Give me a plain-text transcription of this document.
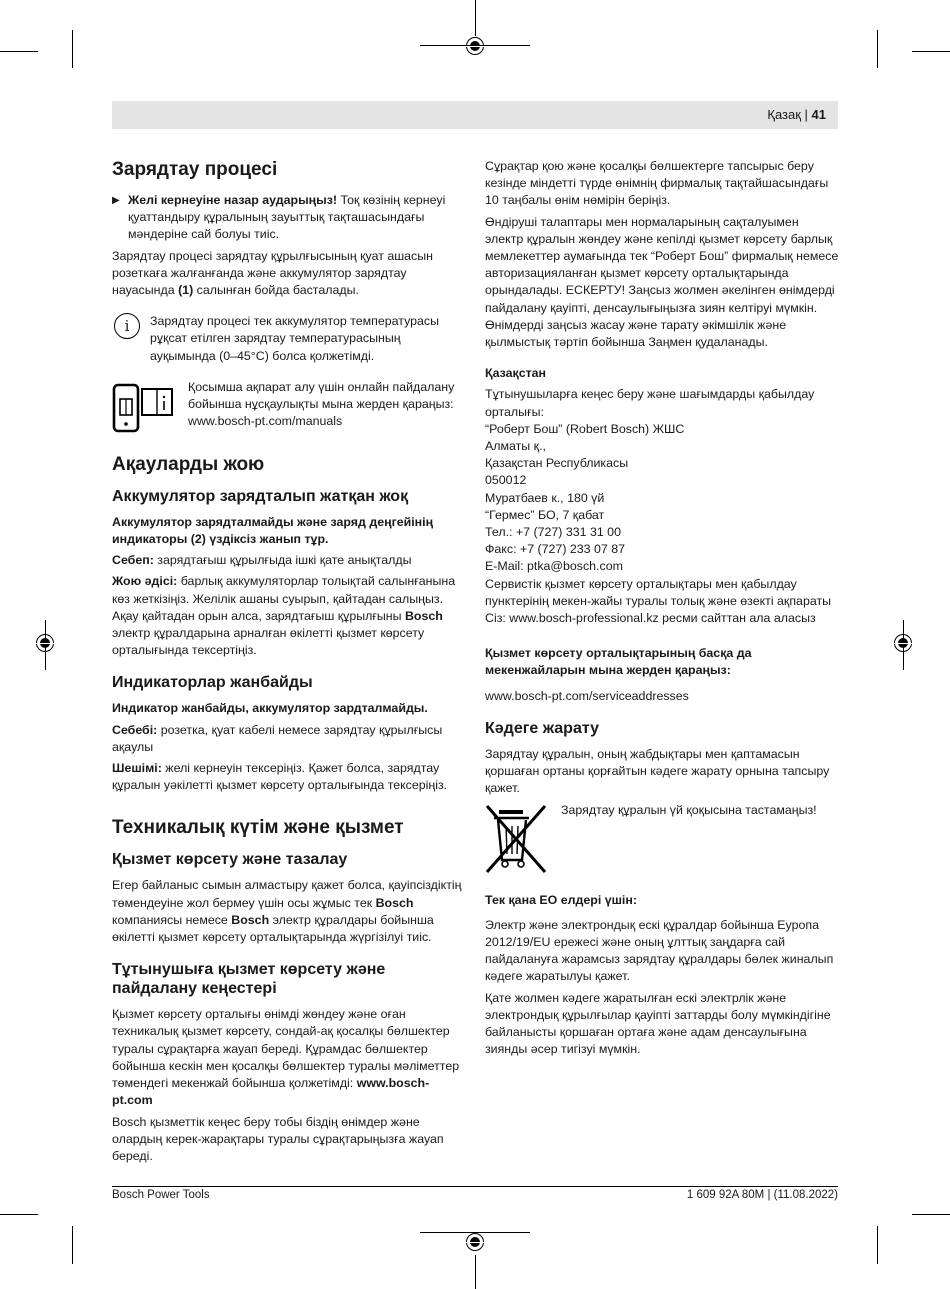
Қазақ | 41
Зарядтау процесі

▶ Желі кернеуіне назар аударыңыз! Тоқ көзінің кернеуі қуаттандыру құралының зауыттық тақташасындағы мәндеріне сай болуы тиіс.

Зарядтау процесі зарядтау құрылғысының қуат ашасын розеткаға жалғанғанда және аккумулятор зарядтау науасында (1) салынған бойда басталады.

i	Зарядтау процесі тек аккумулятор температурасы рұқсат етілген зарядтау температурасының ауқымында (0–45°C) болса қолжетімді.

Қосымша ақпарат алу үшін онлайн пайдалану бойынша нұсқаулықты мына жерден қараңыз: www.bosch-pt.com/manuals

Ақауларды жою
Аккумулятор зарядталып жатқан жоқ

Аккумулятор зарядталмайды және заряд деңгейінің индикаторы (2) үздіксіз жанып тұр.

Себеп: зарядтағыш құрылғыда ішкі қате анықталды

Жою әдісі: барлық аккумуляторлар толықтай салынғанына көз жеткізіңіз. Желілік ашаны суырып, қайтадан салыңыз. Ақау қайтадан орын алса, зарядтағыш құрылғыны Bosch электр құралдарына арналған өкілетті қызмет көрсету орталығында тексертіңіз.

Индикаторлар жанбайды

Индикатор жанбайды, аккумулятор зардталмайды.

Себебі: розетка, қуат кабелі немесе зарядтау құрылғысы ақаулы

Шешімі: желі кернеуін тексеріңіз. Қажет болса, зарядтау құралын уәкілетті қызмет көрсету орталығында тексеріңіз.

Техникалық күтім және қызмет
Қызмет көрсету және тазалау

Егер байланыс сымын алмастыру қажет болса, қауіпсіздіктің төмендеуіне жол бермеу үшін осы жұмыс тек Bosch компаниясы немесе Bosch электр құралдары бойынша өкілетті қызмет көрсету орталықтарында жүргізілуі тиіс.

Тұтынушыға қызмет көрсету және пайдалану кеңестері

Қызмет көрсету орталығы өнімді жөндеу және оған техникалық қызмет көрсету, сондай-ақ қосалқы бөлшектер туралы сұрақтарға жауап береді. Құрамдас бөлшектер бойынша кескін мен қосалқы бөлшектер туралы мәліметтер төмендегі мекенжай бойынша қолжетімді: www.bosch-pt.com

Bosch қызметтік кеңес беру тобы біздің өнімдер және олардың керек-жарақтары туралы сұрақтарыңызға жауап береді.

Сұрақтар қою және қосалқы бөлшектерге тапсырыс беру кезінде міндетті түрде өнімнің фирмалық тақтайшасындағы 10 таңбалы өнім нөмірін беріңіз.

Өндіруші талаптары мен нормаларының сақталуымен электр құралын жөндеу және кепілді қызмет көрсету барлық мемлекеттер аумағында тек “Роберт Бош” фирмалық немесе авторизацияланған қызмет көрсету орталықтарында орындалады. ЕСКЕРТУ! Заңсыз жолмен әкелінген өнімдерді пайдалану қауіпті, денсаулығыңызға зиян келтіруі мүмкін. Өнімдерді заңсыз жасау және тарату әкімшілік және қылмыстық тәртіп бойынша Заңмен қудаланады.

Қазақстан

Тұтынушыларға кеңес беру және шағымдарды қабылдау орталығы:
“Роберт Бош” (Robert Bosch) ЖШС
Алматы қ.,
Қазақстан Республикасы
050012
Муратбаев к., 180 үй
“Гермес” БО, 7 қабат
Тел.: +7 (727) 331 31 00
Факс: +7 (727) 233 07 87
E-Mail: ptka@bosch.com
Сервистік қызмет көрсету орталықтары мен қабылдау пунктерінің мекен-жайы туралы толық және өзекті ақпараты Сіз: www.bosch-professional.kz ресми сайттан ала аласыз

Қызмет көрсету орталықтарының басқа да мекенжайларын мына жерден қараңыз:

www.bosch-pt.com/serviceaddresses

Кәдеге жарату

Зарядтау құралын, оның жабдықтары мен қаптамасын қоршаған ортаны қорғайтын кәдеге жарату орнына тапсыру қажет.

Зарядтау құралын үй қоқысына тастамаңыз!

Тек қана ЕО елдері үшін:

Электр және электрондық ескі құралдар бойынша Еуропа 2012/19/EU ережесі және оның ұлттық заңдарға сай пайдалануға жарамсыз зарядтау құралдары бөлек жиналып кәдеге жаратылуы қажет.

Қате жолмен кәдеге жаратылған ескі электрлік және электрондық құрылғылар қауіпті заттарды болу мүмкіндігіне байланысты қоршаған ортаға және адам денсаулығына зиянды әсер тигізуі мүмкін.

Bosch Power Tools	1 609 92A 80M | (11.08.2022)
